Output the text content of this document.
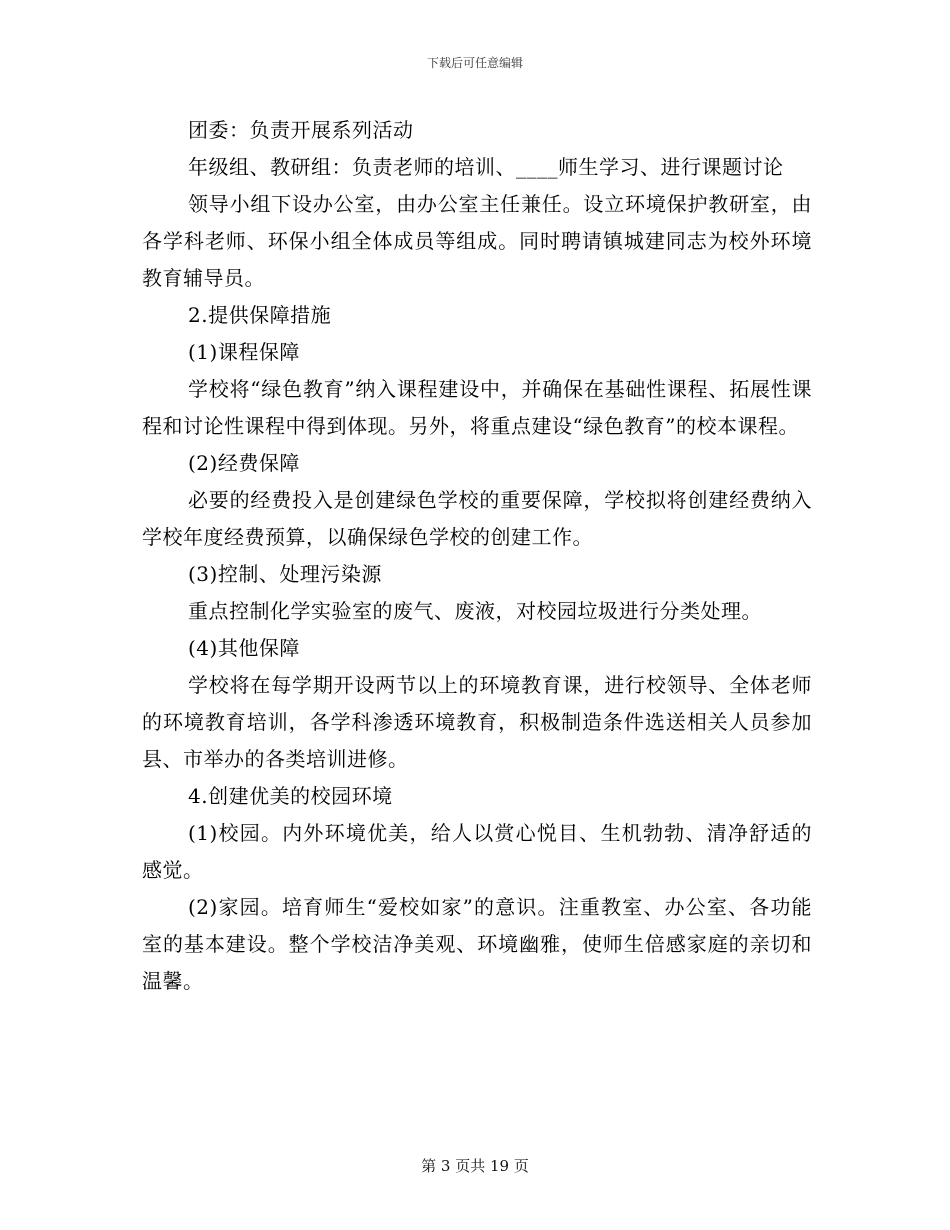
下载后可任意编辑

团委：负责开展系列活动

年级组、教研组：负责老师的培训、____师生学习、进行课题讨论

领导小组下设办公室，由办公室主任兼任。设立环境保护教研室，由各学科老师、环保小组全体成员等组成。同时聘请镇城建同志为校外环境教育辅导员。

2.提供保障措施

(1)课程保障

学校将“绿色教育”纳入课程建设中，并确保在基础性课程、拓展性课程和讨论性课程中得到体现。另外，将重点建设“绿色教育”的校本课程。

(2)经费保障

必要的经费投入是创建绿色学校的重要保障，学校拟将创建经费纳入学校年度经费预算，以确保绿色学校的创建工作。

(3)控制、处理污染源

重点控制化学实验室的废气、废液，对校园垃圾进行分类处理。

(4)其他保障

学校将在每学期开设两节以上的环境教育课，进行校领导、全体老师的环境教育培训，各学科渗透环境教育，积极制造条件选送相关人员参加县、市举办的各类培训进修。

4.创建优美的校园环境

(1)校园。内外环境优美，给人以赏心悦目、生机勃勃、清净舒适的感觉。

(2)家园。培育师生“爱校如家”的意识。注重教室、办公室、各功能室的基本建设。整个学校洁净美观、环境幽雅，使师生倍感家庭的亲切和温馨。

第 3 页共 19 页
